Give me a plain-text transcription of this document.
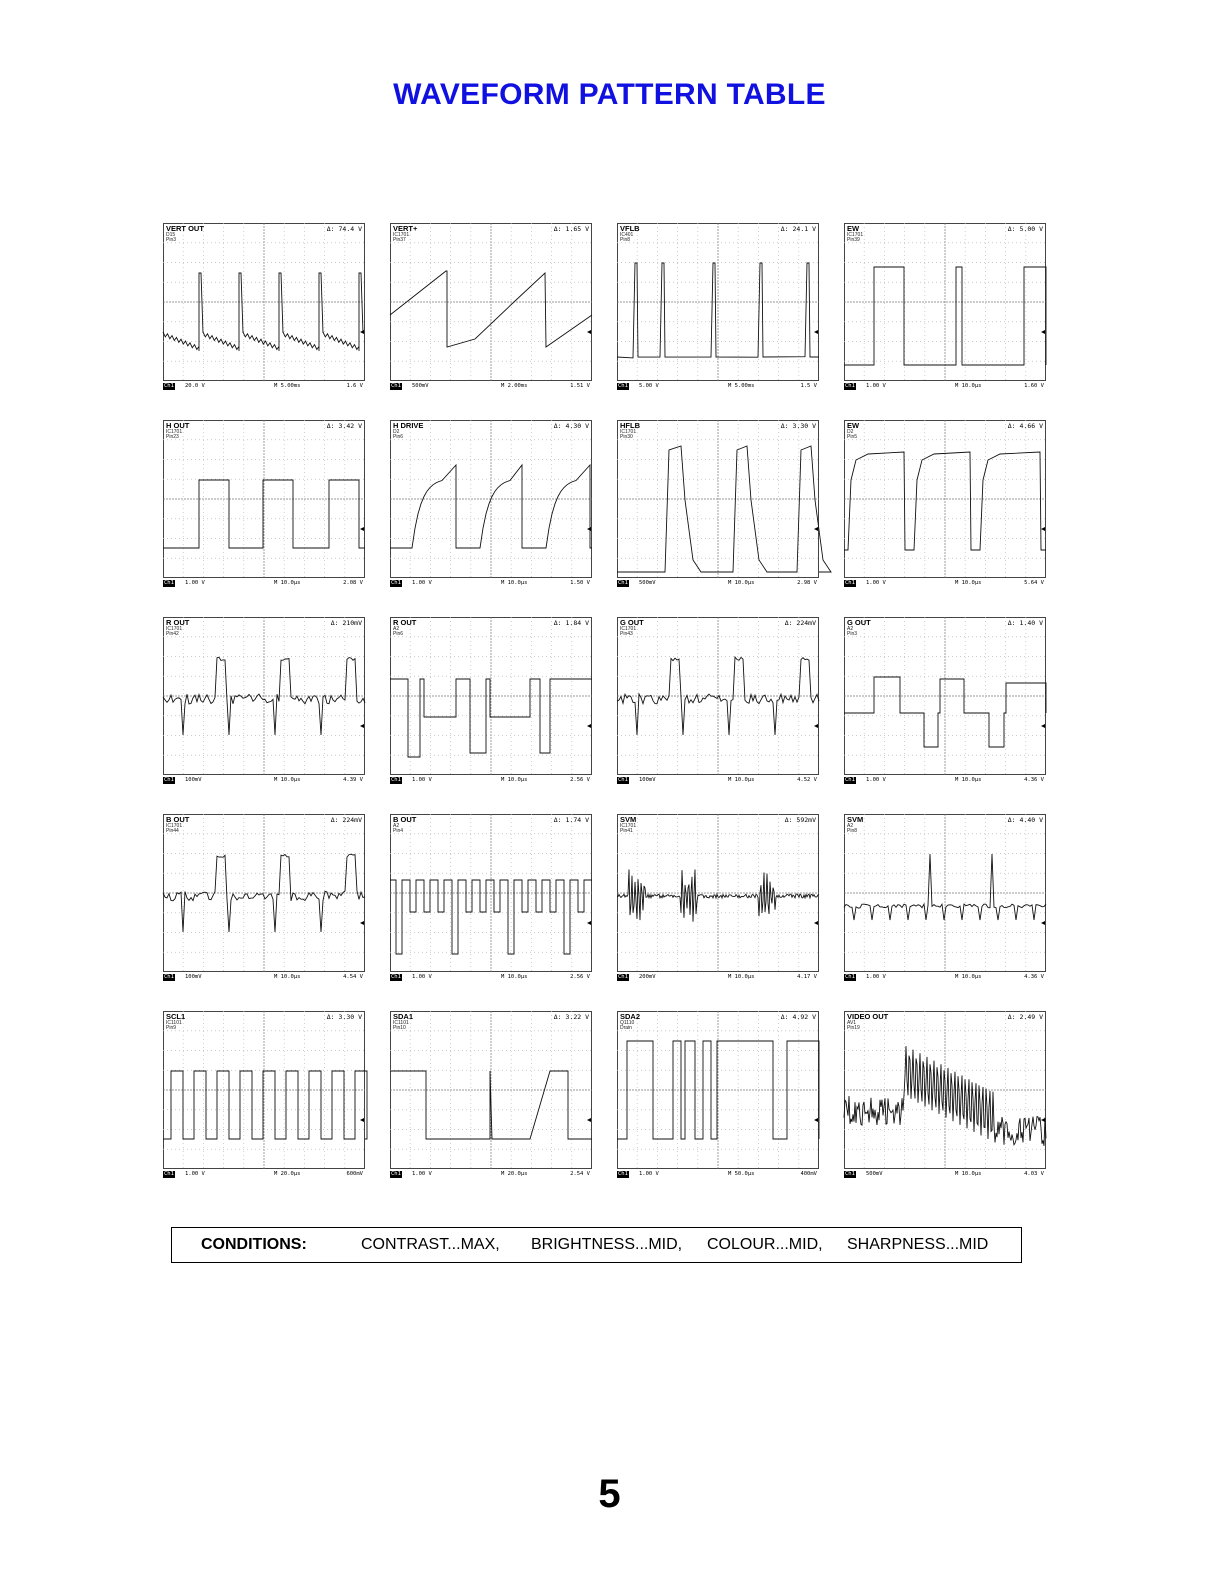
WAVEFORM PATTERN TABLE
VERT OUT
D15
Pin3
Δ: 74.4 V
Ch1 20.0 V	M 5.00ms	1.6 V
VERT+
IC1701
Pin37
Δ: 1.65 V
Ch1 500mV	M 2.00ms	1.51 V
VFLB
IC401
Pin8
Δ: 24.1 V
Ch1 5.00 V	M 5.00ms	1.5 V
EW
IC1701
Pin39
Δ: 5.00 V
Ch1 1.00 V	M 10.0µs	1.60 V
H OUT
IC1701
Pin23
Δ: 3.42 V
Ch1 1.00 V	M 10.0µs	2.08 V
H DRIVE
D2
Pin6
Δ: 4.30 V
Ch1 1.00 V	M 10.0µs	1.50 V
HFLB
IC1701
Pin30
Δ: 3.30 V
Ch1 500mV	M 10.0µs	2.98 V
EW
D2
Pin5
Δ: 4.66 V
Ch1 1.00 V	M 10.0µs	5.64 V
R OUT
IC1701
Pin42
Δ: 210mV
Ch1 100mV	M 10.0µs	4.39 V
R OUT
A2
Pin6
Δ: 1.84 V
Ch1 1.00 V	M 10.0µs	2.56 V
G OUT
IC1701
Pin43
Δ: 224mV
Ch1 100mV	M 10.0µs	4.52 V
G OUT
A2
Pin3
Δ: 1.40 V
Ch1 1.00 V	M 10.0µs	4.36 V
B OUT
IC1701
Pin44
Δ: 224mV
Ch1 100mV	M 10.0µs	4.54 V
B OUT
A2
Pin4
Δ: 1.74 V
Ch1 1.00 V	M 10.0µs	2.56 V
SVM
IC1701
Pin41
Δ: 592mV
Ch1 200mV	M 10.0µs	4.17 V
SVM
A2
Pin8
Δ: 4.40 V
Ch1 1.00 V	M 10.0µs	4.36 V
SCL1
IC1101
Pin9
Δ: 3.30 V
Ch1 1.00 V	M 20.0µs	600mV
SDA1
IC1101
Pin10
Δ: 3.22 V
Ch1 1.00 V	M 20.0µs	2.54 V
SDA2
Q1110
Drain
Δ: 4.92 V
Ch1 1.00 V	M 50.0µs	400mV
VIDEO OUT
AV1
Pin19
Δ: 2.49 V
Ch1 500mV	M 10.0µs	4.03 V
CONDITIONS:	CONTRAST...MAX, BRIGHTNESS...MID, COLOUR...MID, SHARPNESS...MID
5
